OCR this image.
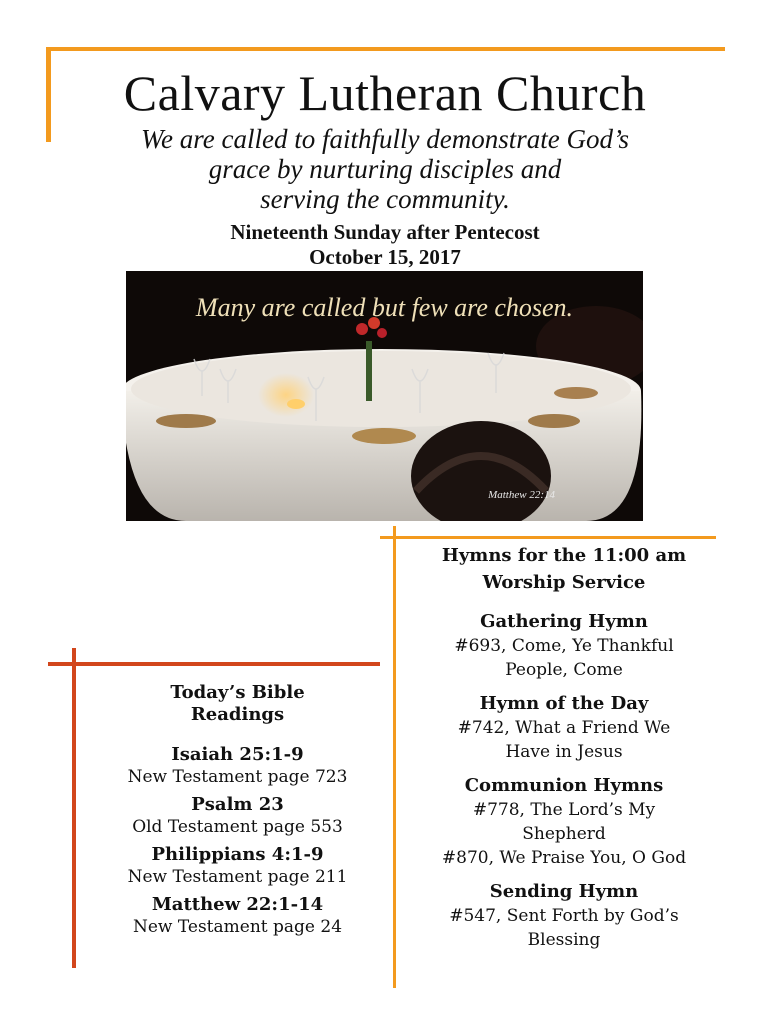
Calvary Lutheran Church
We are called to faithfully demonstrate God’s
grace by nurturing disciples and
serving the community.
Nineteenth Sunday after Pentecost
October 15, 2017
Many are called but few are chosen.
Matthew 22:14
Today’s Bible
Readings
Isaiah 25:1-9
New Testament page 723
Psalm 23
Old Testament page 553
Philippians 4:1-9
New Testament page 211
Matthew 22:1-14
New Testament page 24
Hymns for the 11:00 am
Worship Service
Gathering Hymn
#693, Come, Ye Thankful
People, Come
Hymn of the Day
#742, What a Friend We
Have in Jesus
Communion Hymns
#778, The Lord’s My
Shepherd
#870, We Praise You, O God
Sending Hymn
#547, Sent Forth by God’s
Blessing
